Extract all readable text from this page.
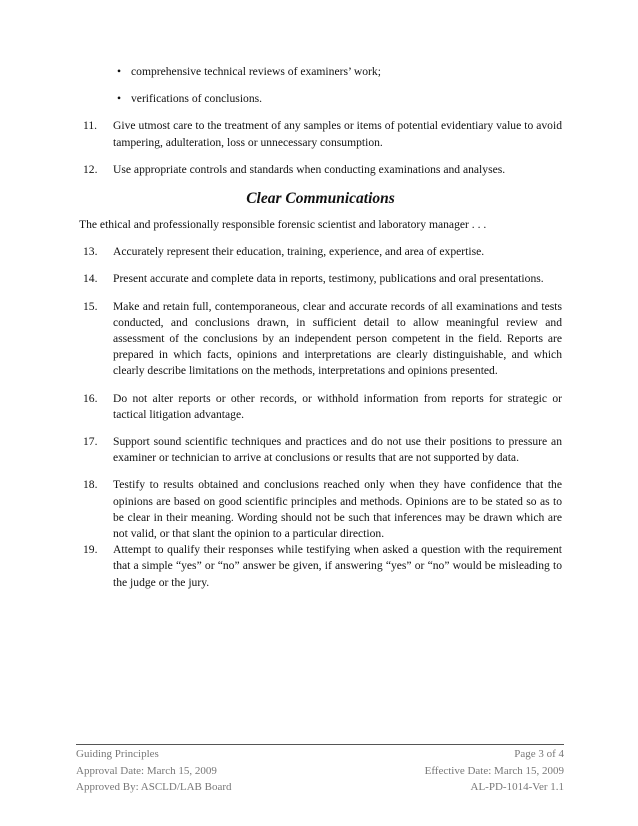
• comprehensive technical reviews of examiners’ work;
• verifications of conclusions.
11. Give utmost care to the treatment of any samples or items of potential evidentiary value to avoid tampering, adulteration, loss or unnecessary consumption.
12. Use appropriate controls and standards when conducting examinations and analyses.
Clear Communications
The ethical and professionally responsible forensic scientist and laboratory manager . . .
13. Accurately represent their education, training, experience, and area of expertise.
14. Present accurate and complete data in reports, testimony, publications and oral presentations.
15. Make and retain full, contemporaneous, clear and accurate records of all examinations and tests conducted, and conclusions drawn, in sufficient detail to allow meaningful review and assessment of the conclusions by an independent person competent in the field. Reports are prepared in which facts, opinions and interpretations are clearly distinguishable, and which clearly describe limitations on the methods, interpretations and opinions presented.
16. Do not alter reports or other records, or withhold information from reports for strategic or tactical litigation advantage.
17. Support sound scientific techniques and practices and do not use their positions to pressure an examiner or technician to arrive at conclusions or results that are not supported by data.
18. Testify to results obtained and conclusions reached only when they have confidence that the opinions are based on good scientific principles and methods. Opinions are to be stated so as to be clear in their meaning. Wording should not be such that inferences may be drawn which are not valid, or that slant the opinion to a particular direction.
19. Attempt to qualify their responses while testifying when asked a question with the requirement that a simple “yes” or “no” answer be given, if answering “yes” or “no” would be misleading to the judge or the jury.
Guiding Principles	Page 3 of 4
Approval Date: March 15, 2009	Effective Date: March 15, 2009
Approved By: ASCLD/LAB Board	AL-PD-1014-Ver 1.1
